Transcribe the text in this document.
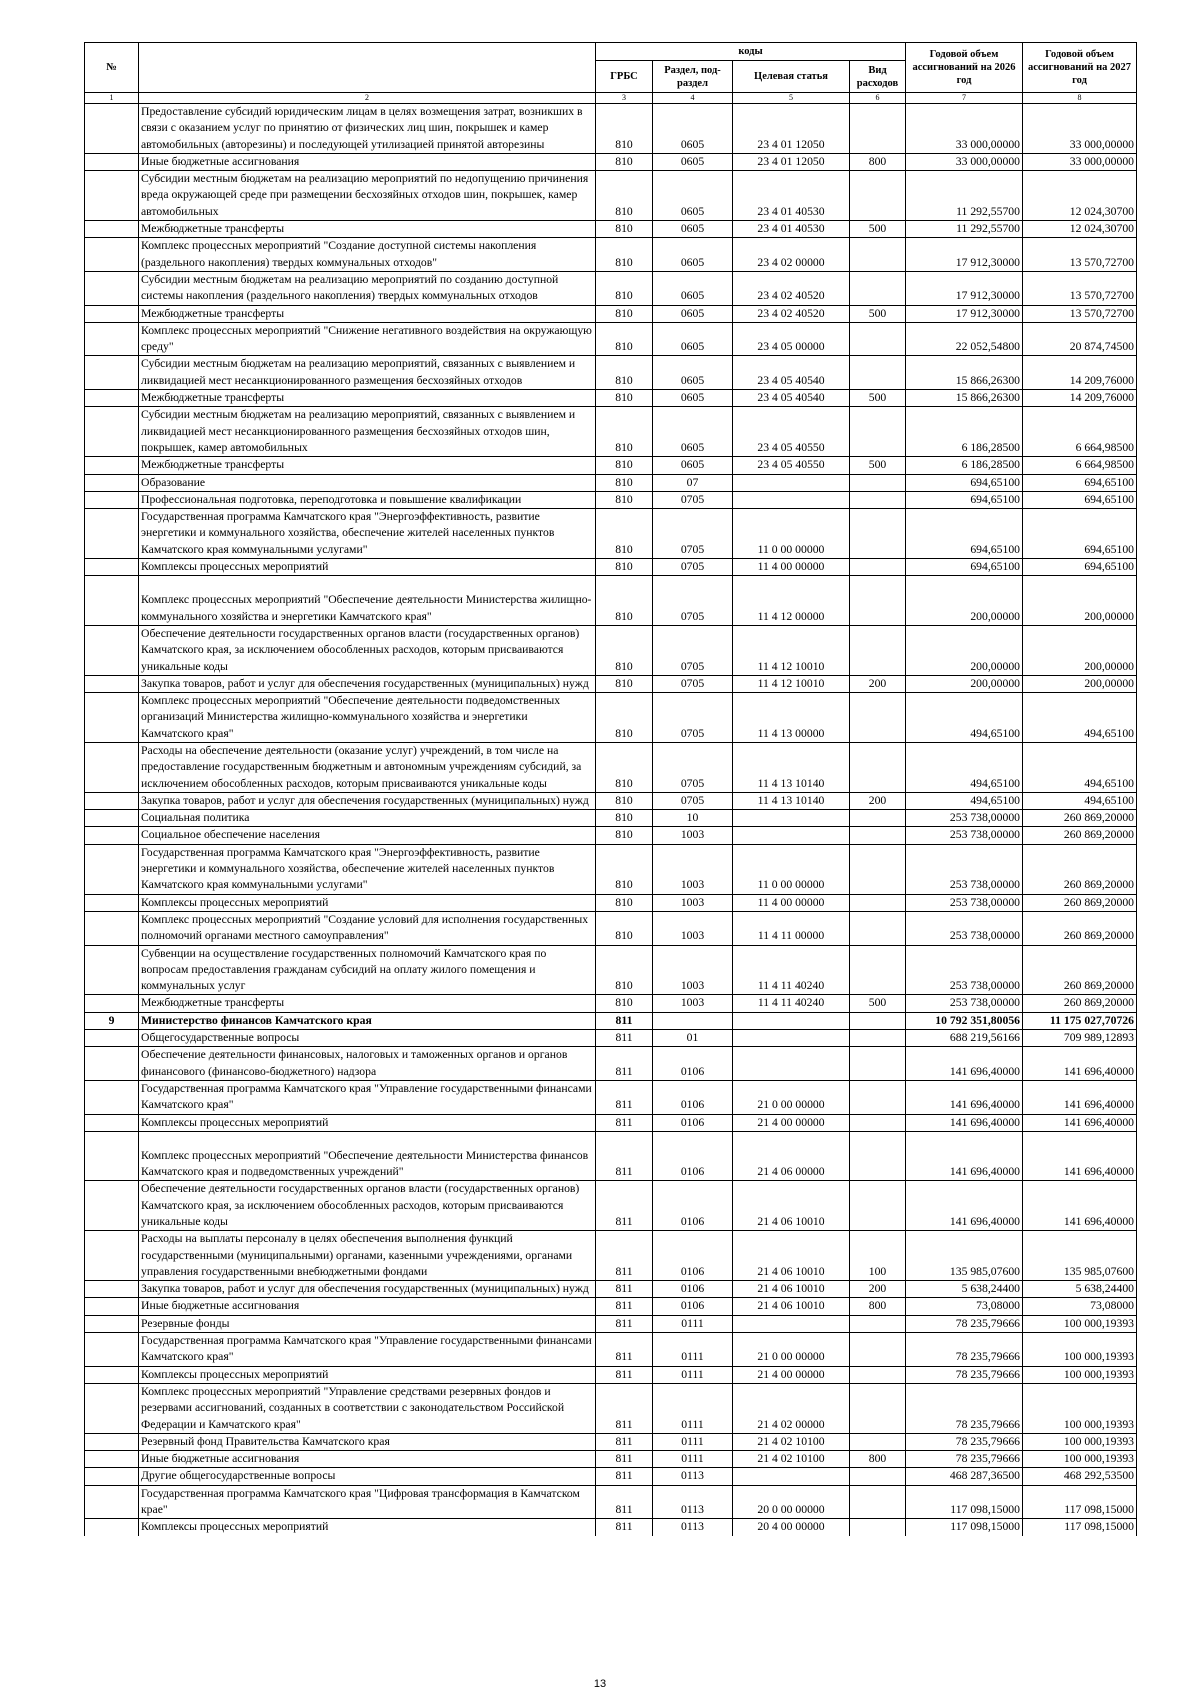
№		коды				Годовой объем ассигнований на 2026 год	Годовой объем ассигнований на 2027 год
		ГРБС	Раздел, под-раздел	Целевая статья	Вид расходов		
1	2	3	4	5	6	7	8
	Предоставление субсидий юридическим лицам в целях возмещения затрат, возникших в связи с оказанием услуг по принятию от физических лиц шин, покрышек и камер автомобильных (авторезины) и последующей утилизацией принятой авторезины	810	0605	23 4 01 12050		33 000,00000	33 000,00000
	Иные бюджетные ассигнования	810	0605	23 4 01 12050	800	33 000,00000	33 000,00000
	Субсидии местным бюджетам на реализацию мероприятий по недопущению причинения вреда окружающей среде при размещении бесхозяйных отходов шин, покрышек, камер автомобильных	810	0605	23 4 01 40530		11 292,55700	12 024,30700
	Межбюджетные трансферты	810	0605	23 4 01 40530	500	11 292,55700	12 024,30700
	Комплекс процессных мероприятий "Создание доступной системы накопления (раздельного накопления) твердых коммунальных отходов"	810	0605	23 4 02 00000		17 912,30000	13 570,72700
	Субсидии местным бюджетам на реализацию мероприятий по созданию доступной системы накопления (раздельного накопления) твердых коммунальных отходов	810	0605	23 4 02 40520		17 912,30000	13 570,72700
	Межбюджетные трансферты	810	0605	23 4 02 40520	500	17 912,30000	13 570,72700
	Комплекс процессных мероприятий "Снижение негативного воздействия на окружающую среду"	810	0605	23 4 05 00000		22 052,54800	20 874,74500
	Субсидии местным бюджетам на реализацию мероприятий, связанных с выявлением и ликвидацией мест несанкционированного размещения бесхозяйных отходов	810	0605	23 4 05 40540		15 866,26300	14 209,76000
	Межбюджетные трансферты	810	0605	23 4 05 40540	500	15 866,26300	14 209,76000
	Субсидии местным бюджетам на реализацию мероприятий, связанных с выявлением и ликвидацией мест несанкционированного размещения бесхозяйных отходов шин, покрышек, камер автомобильных	810	0605	23 4 05 40550		6 186,28500	6 664,98500
	Межбюджетные трансферты	810	0605	23 4 05 40550	500	6 186,28500	6 664,98500
	Образование	810	07			694,65100	694,65100
	Профессиональная подготовка, переподготовка и повышение квалификации	810	0705			694,65100	694,65100
	Государственная программа Камчатского края "Энергоэффективность, развитие энергетики и коммунального хозяйства, обеспечение жителей населенных пунктов Камчатского края коммунальными услугами"	810	0705	11 0 00 00000		694,65100	694,65100
	Комплексы процессных мероприятий	810	0705	11 4 00 00000		694,65100	694,65100
	Комплекс процессных мероприятий "Обеспечение деятельности Министерства жилищно-коммунального хозяйства и энергетики Камчатского края"	810	0705	11 4 12 00000		200,00000	200,00000
	Обеспечение деятельности государственных органов власти (государственных органов) Камчатского края, за исключением обособленных расходов, которым присваиваются уникальные коды	810	0705	11 4 12 10010		200,00000	200,00000
	Закупка товаров, работ и услуг для обеспечения государственных (муниципальных) нужд	810	0705	11 4 12 10010	200	200,00000	200,00000
	Комплекс процессных мероприятий "Обеспечение деятельности подведомственных организаций Министерства жилищно-коммунального хозяйства и энергетики Камчатского края"	810	0705	11 4 13 00000		494,65100	494,65100
	Расходы на обеспечение деятельности (оказание услуг) учреждений, в том числе на предоставление государственным бюджетным и автономным учреждениям субсидий, за исключением обособленных расходов, которым присваиваются уникальные коды	810	0705	11 4 13 10140		494,65100	494,65100
	Закупка товаров, работ и услуг для обеспечения государственных (муниципальных) нужд	810	0705	11 4 13 10140	200	494,65100	494,65100
	Социальная политика	810	10			253 738,00000	260 869,20000
	Социальное обеспечение населения	810	1003			253 738,00000	260 869,20000
	Государственная программа Камчатского края "Энергоэффективность, развитие энергетики и коммунального хозяйства, обеспечение жителей населенных пунктов Камчатского края коммунальными услугами"	810	1003	11 0 00 00000		253 738,00000	260 869,20000
	Комплексы процессных мероприятий	810	1003	11 4 00 00000		253 738,00000	260 869,20000
	Комплекс процессных мероприятий "Создание условий для исполнения государственных полномочий органами местного самоуправления"	810	1003	11 4 11 00000		253 738,00000	260 869,20000
	Субвенции на осуществление государственных полномочий Камчатского края по вопросам предоставления гражданам субсидий на оплату жилого помещения и коммунальных услуг	810	1003	11 4 11 40240		253 738,00000	260 869,20000
	Межбюджетные трансферты	810	1003	11 4 11 40240	500	253 738,00000	260 869,20000
9	Министерство финансов Камчатского края	811				10 792 351,80056	11 175 027,70726
	Общегосударственные вопросы	811	01			688 219,56166	709 989,12893
	Обеспечение деятельности финансовых, налоговых и таможенных органов и органов финансового (финансово-бюджетного) надзора	811	0106			141 696,40000	141 696,40000
	Государственная программа Камчатского края "Управление государственными финансами Камчатского края"	811	0106	21 0 00 00000		141 696,40000	141 696,40000
	Комплексы процессных мероприятий	811	0106	21 4 00 00000		141 696,40000	141 696,40000
	Комплекс процессных мероприятий "Обеспечение деятельности Министерства финансов Камчатского края и подведомственных учреждений"	811	0106	21 4 06 00000		141 696,40000	141 696,40000
	Обеспечение деятельности государственных органов власти (государственных органов) Камчатского края, за исключением обособленных расходов, которым присваиваются уникальные коды	811	0106	21 4 06 10010		141 696,40000	141 696,40000
	Расходы на выплаты персоналу в целях обеспечения выполнения функций государственными (муниципальными) органами, казенными учреждениями, органами управления государственными внебюджетными фондами	811	0106	21 4 06 10010	100	135 985,07600	135 985,07600
	Закупка товаров, работ и услуг для обеспечения государственных (муниципальных) нужд	811	0106	21 4 06 10010	200	5 638,24400	5 638,24400
	Иные бюджетные ассигнования	811	0106	21 4 06 10010	800	73,08000	73,08000
	Резервные фонды	811	0111			78 235,79666	100 000,19393
	Государственная программа Камчатского края "Управление государственными финансами Камчатского края"	811	0111	21 0 00 00000		78 235,79666	100 000,19393
	Комплексы процессных мероприятий	811	0111	21 4 00 00000		78 235,79666	100 000,19393
	Комплекс процессных мероприятий "Управление средствами резервных фондов и резервами ассигнований, созданных в соответствии с законодательством Российской Федерации и Камчатского края"	811	0111	21 4 02 00000		78 235,79666	100 000,19393
	Резервный фонд Правительства Камчатского края	811	0111	21 4 02 10100		78 235,79666	100 000,19393
	Иные бюджетные ассигнования	811	0111	21 4 02 10100	800	78 235,79666	100 000,19393
	Другие общегосударственные вопросы	811	0113			468 287,36500	468 292,53500
	Государственная программа Камчатского края "Цифровая трансформация в Камчатском крае"	811	0113	20 0 00 00000		117 098,15000	117 098,15000
	Комплексы процессных мероприятий	811	0113	20 4 00 00000		117 098,15000	117 098,15000
13
